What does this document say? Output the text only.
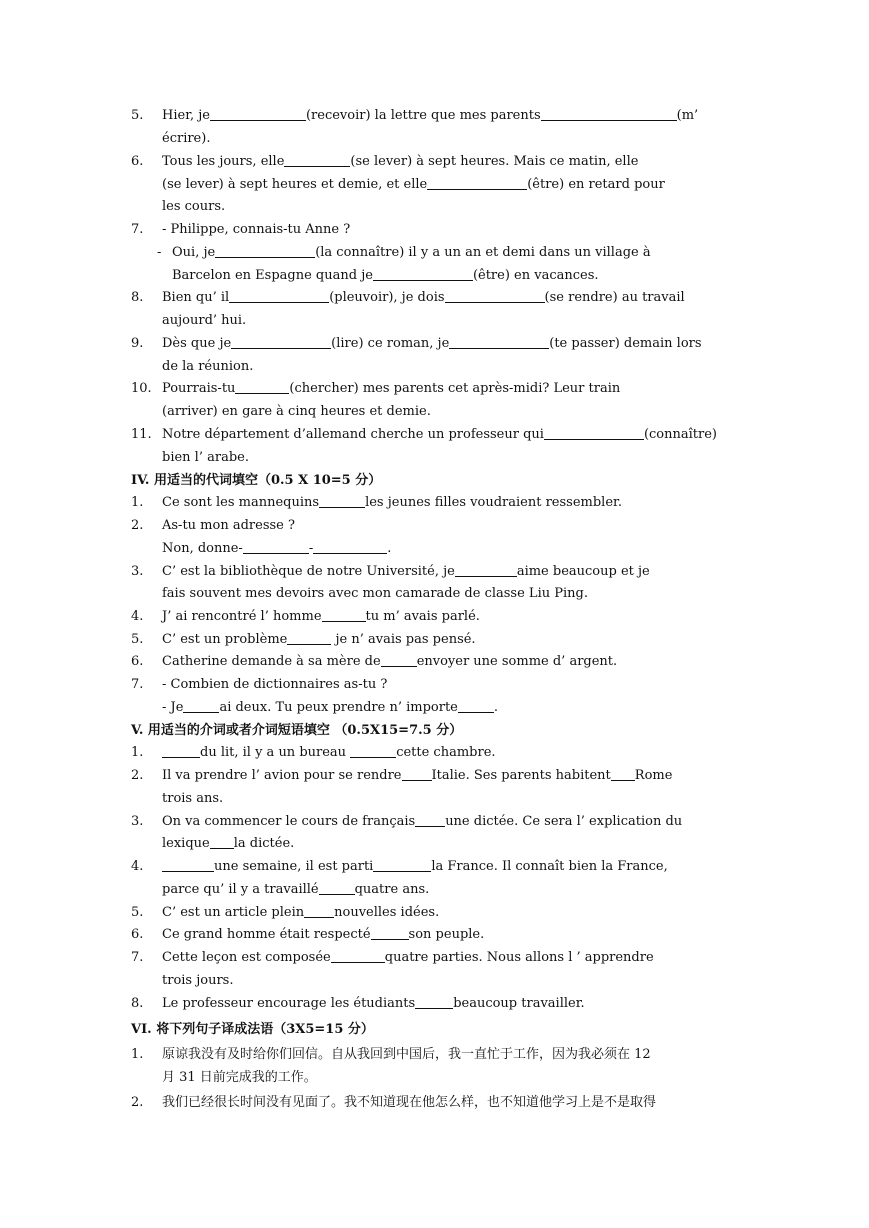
5. Hier, je	(recevoir) la lettre que mes parents	(m’
écrire).
6. Tous les jours, elle	(se lever) à sept heures. Mais ce matin, elle
(se lever) à sept heures et demie, et elle	(être) en retard pour
les cours.
7. - Philippe, connais-tu Anne ?
- Oui, je	(la connaître) il y a un an et demi dans un village à
Barcelon en Espagne quand je	(être) en vacances.
8. Bien qu’ il	(pleuvoir), je dois	(se rendre) au travail
aujourd’ hui.
9. Dès que je	(lire) ce roman, je	(te passer) demain lors
de la réunion.
10. Pourrais-tu	(chercher) mes parents cet après-midi? Leur train
(arriver) en gare à cinq heures et demie.
11. Notre département d’allemand cherche un professeur qui	(connaître)
bien l’ arabe.
IV. 用适当的代词填空（0.5 X 10=5 分）
1. Ce sont les mannequins	les jeunes filles voudraient ressembler.
2. As-tu mon adresse ?
Non, donne-	-	.
3. C’ est la bibliothèque de notre Université, je	aime beaucoup et je
fais souvent mes devoirs avec mon camarade de classe Liu Ping.
4. J’ ai rencontré l’ homme	tu m’ avais parlé.
5. C’ est un problème	je n’ avais pas pensé.
6. Catherine demande à sa mère de	envoyer une somme d’ argent.
7. - Combien de dictionnaires as-tu ?
- Je	ai deux. Tu peux prendre n’ importe	.
V. 用适当的介词或者介词短语填空 （0.5X15=7.5 分）
1.	du lit, il y a un bureau	cette chambre.
2. Il va prendre l’ avion pour se rendre Italie. Ses parents habitent Rome
trois ans.
3. On va commencer le cours de français une dictée. Ce sera l’ explication du
lexique la dictée.
4.	une semaine, il est parti	la France. Il connaît bien la France,
parce qu’ il y a travaillé	quatre ans.
5. C’ est un article plein nouvelles idées.
6. Ce grand homme était respecté	son peuple.
7. Cette leçon est composée	quatre parties. Nous allons l ’ apprendre
trois jours.
8. Le professeur encourage les étudiants	beaucoup travailler.
VI. 将下列句子译成法语（3X5=15 分）
1. 原谅我没有及时给你们回信。自从我回到中国后，我一直忙于工作，因为我必须在 12
月 31 日前完成我的工作。
2. 我们已经很长时间没有见面了。我不知道现在他怎么样，也不知道他学习上是不是取得
